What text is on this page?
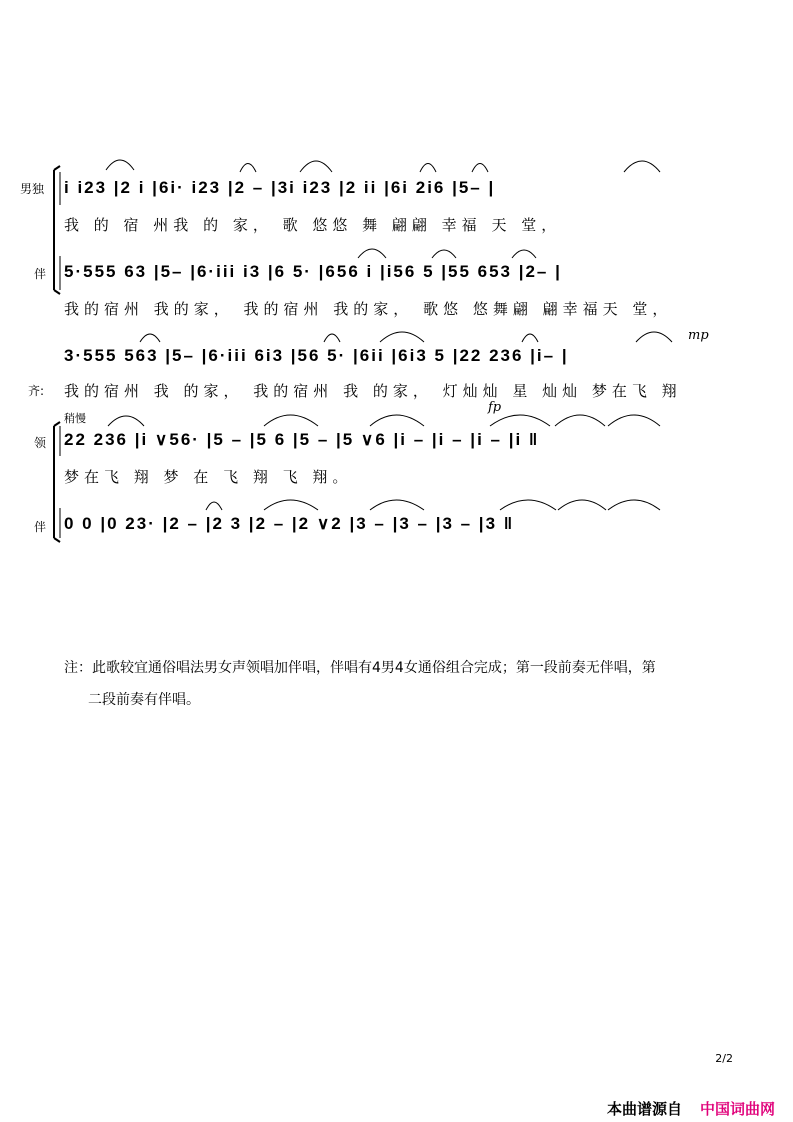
男独 i i23 |2 i |6i· i23 |2 – |3i i23 |2 ii |6i 2i6 |5– |
我 的 宿 州我 的 家， 歌 悠悠 舞 翩翩 幸福 天 堂，
伴 5·555 63 |5– |6·iii i3 |6 5· |656 i |i56 5 |55 653 |2– |
我的宿州 我的家， 我的宿州 我的家， 歌悠 悠舞翩 翩幸福天 堂，
mp
3·555 563 |5– |6·iii 6i3 |56 5· |6ii |6i3 5 |22 236 |i– |
齐: 我的宿州 我 的家， 我的宿州 我 的家， 灯灿灿 星 灿灿 梦在飞 翔
稍慢
fp
领 22 236 |i ∨56· |5 – |5 6 |5 – |5 ∨6 |i – |i – |i – |i ‖
梦在飞 翔 梦 在 飞 翔 飞 翔。
伴 0 0 |0 23· |2 – |2 3 |2 – |2 ∨2 |3 – |3 – |3 – |3 ‖

注：此歌较宜通俗唱法男女声领唱加伴唱，伴唱有4男4女通俗组合完成；第一段前奏无伴唱，第

二段前奏有伴唱。

2/2
本曲谱源自 中国词曲网
